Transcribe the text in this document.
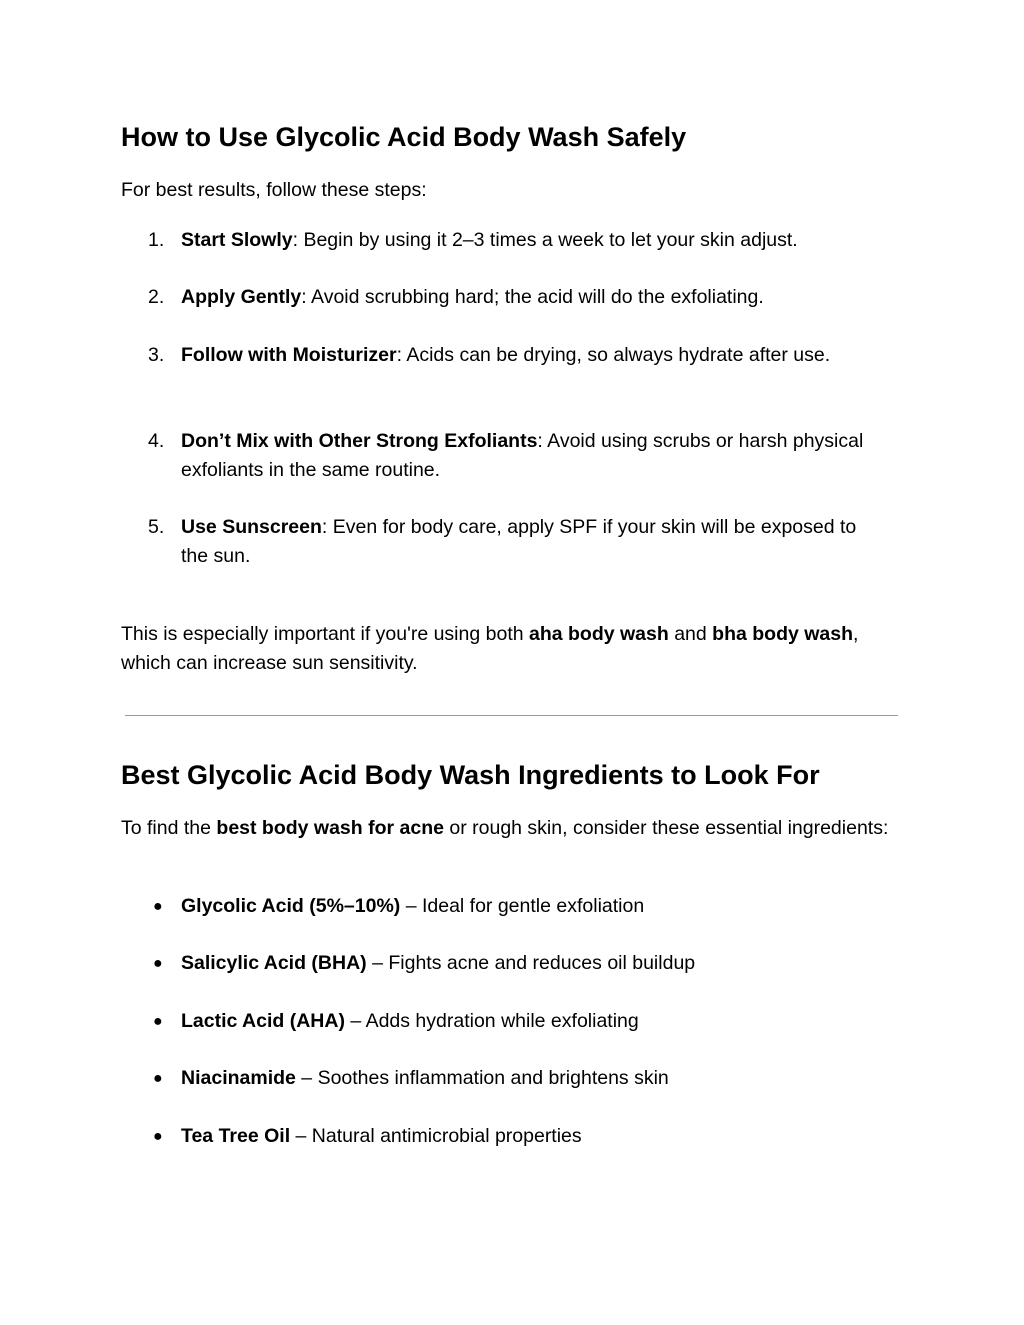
How to Use Glycolic Acid Body Wash Safely

For best results, follow these steps:

1. Start Slowly: Begin by using it 2–3 times a week to let your skin adjust.
2. Apply Gently: Avoid scrubbing hard; the acid will do the exfoliating.
3. Follow with Moisturizer: Acids can be drying, so always hydrate after use.
4. Don’t Mix with Other Strong Exfoliants: Avoid using scrubs or harsh physical exfoliants in the same routine.
5. Use Sunscreen: Even for body care, apply SPF if your skin will be exposed to the sun.

This is especially important if you're using both aha body wash and bha body wash, which can increase sun sensitivity.

Best Glycolic Acid Body Wash Ingredients to Look For

To find the best body wash for acne or rough skin, consider these essential ingredients:

● Glycolic Acid (5%–10%) – Ideal for gentle exfoliation
● Salicylic Acid (BHA) – Fights acne and reduces oil buildup
● Lactic Acid (AHA) – Adds hydration while exfoliating
● Niacinamide – Soothes inflammation and brightens skin
● Tea Tree Oil – Natural antimicrobial properties
